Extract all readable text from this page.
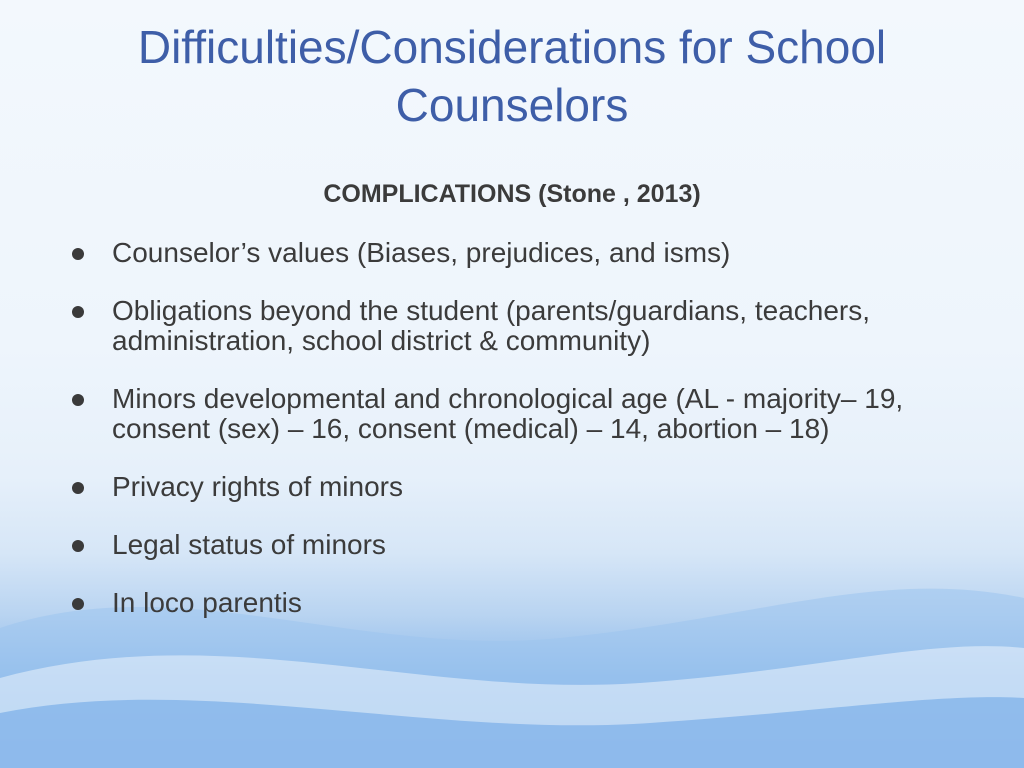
Difficulties/Considerations for School Counselors

COMPLICATIONS (Stone , 2013)

Counselor’s values (Biases, prejudices, and isms)
Obligations beyond the student (parents/guardians, teachers, administration, school district & community)
Minors developmental and chronological age (AL - majority– 19, consent (sex) – 16, consent (medical) – 14, abortion – 18)
Privacy rights of minors
Legal status of minors
In loco parentis
